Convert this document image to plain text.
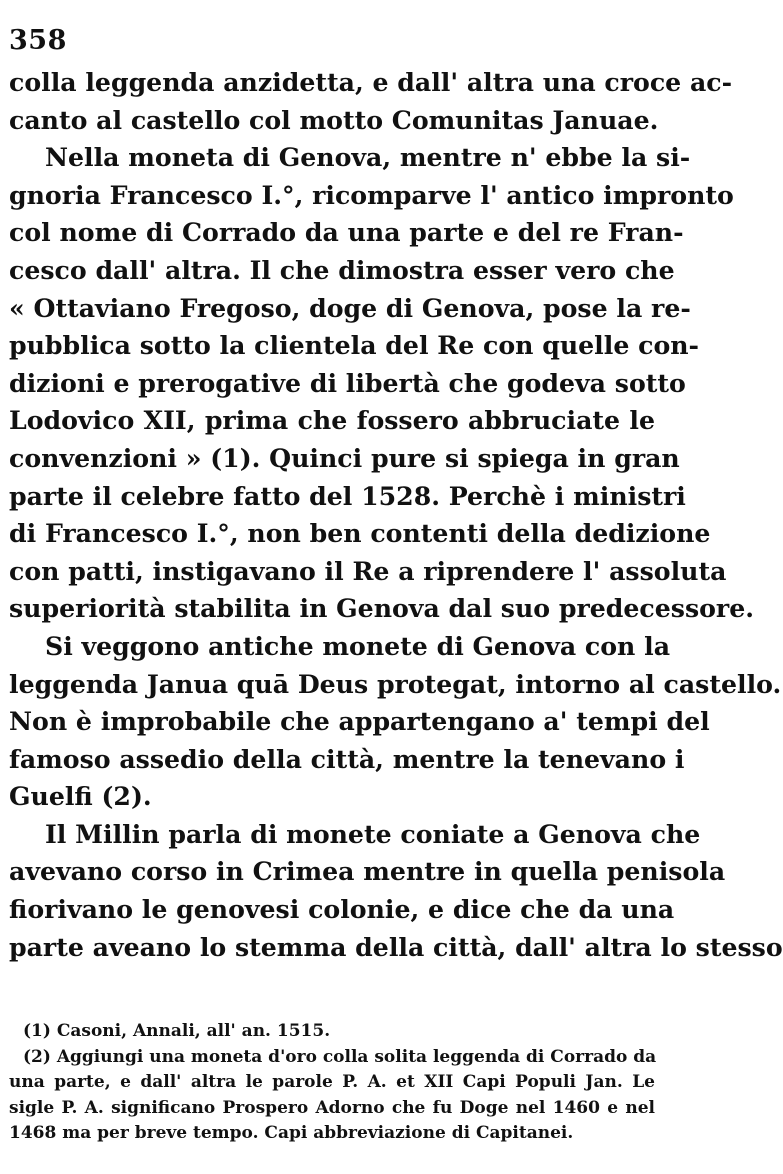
358
colla leggenda anzidetta, e dall' altra una croce ac-
canto al castello col motto Comunitas Januae.
Nella moneta di Genova, mentre n' ebbe la si-
gnoria Francesco I.°, ricomparve l' antico impronto
col nome di Corrado da una parte e del re Fran-
cesco dall' altra. Il che dimostra esser vero che
« Ottaviano Fregoso, doge di Genova, pose la re-
pubblica sotto la clientela del Re con quelle con-
dizioni e prerogative di libertà che godeva sotto
Lodovico XII, prima che fossero abbruciate le
convenzioni » (1). Quinci pure si spiega in gran
parte il celebre fatto del 1528. Perchè i ministri
di Francesco I.°, non ben contenti della dedizione
con patti, instigavano il Re a riprendere l' assoluta
superiorità stabilita in Genova dal suo predecessore.
Si veggono antiche monete di Genova con la
leggenda Janua quā Deus protegat, intorno al castello.
Non è improbabile che appartengano a' tempi del
famoso assedio della città, mentre la tenevano i
Guelfi (2).
Il Millin parla di monete coniate a Genova che
avevano corso in Crimea mentre in quella penisola
fiorivano le genovesi colonie, e dice che da una
parte aveano lo stemma della città, dall' altra lo stesso
(1) Casoni, Annali, all' an. 1515.
(2) Aggiungi una moneta d'oro colla solita leggenda di Corrado da
una parte, e dall' altra le parole P. A. et XII Capi Populi Jan. Le
sigle P. A. significano Prospero Adorno che fu Doge nel 1460 e nel
1468 ma per breve tempo. Capi abbreviazione di Capitanei.
